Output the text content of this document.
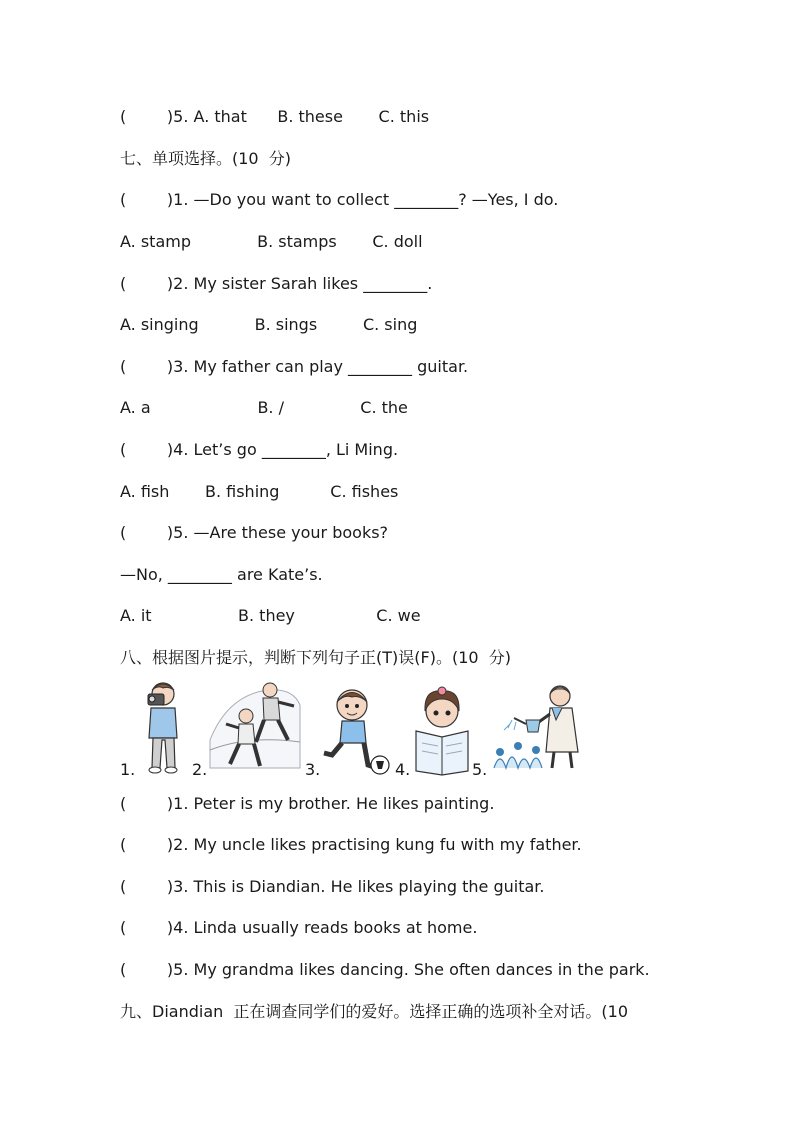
(        )5. A. that      B. these       C. this
七、单项选择。(10  分)
(        )1. —Do you want to collect ________? —Yes, I do.
A. stamp             B. stamps       C. doll
(        )2. My sister Sarah likes ________.
A. singing           B. sings         C. sing
(        )3. My father can play ________ guitar.
A. a                     B. /               C. the
(        )4. Let’s go ________, Li Ming.
A. fish       B. fishing          C. fishes
(        )5. —Are these your books?
—No, ________ are Kate’s.
A. it                 B. they                C. we
八、根据图片提示，判断下列句子正(T)误(F)。(10  分)
1.	2.	3.	4.	5.
(        )1. Peter is my brother. He likes painting.
(        )2. My uncle likes practising kung fu with my father.
(        )3. This is Diandian. He likes playing the guitar.
(        )4. Linda usually reads books at home.
(        )5. My grandma likes dancing. She often dances in the park.
九、Diandian  正在调查同学们的爱好。选择正确的选项补全对话。(10
